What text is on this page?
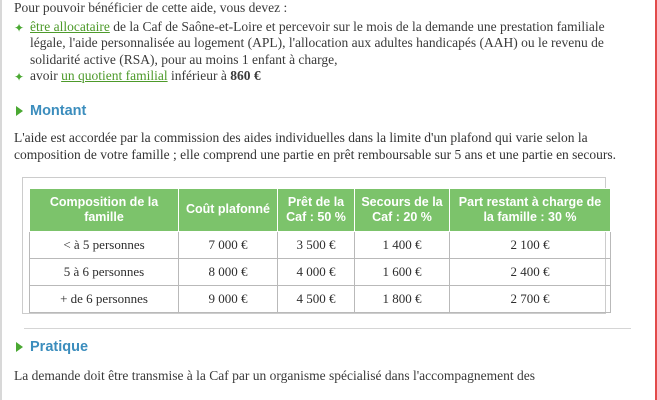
Pour pouvoir bénéficier de cette aide, vous devez :

✦ être allocataire de la Caf de Saône-et-Loire et percevoir sur le mois de la demande une prestation familiale légale, l'aide personnalisée au logement (APL), l'allocation aux adultes handicapés (AAH) ou le revenu de solidarité active (RSA), pour au moins 1 enfant à charge,
✦ avoir un quotient familial inférieur à 860 €
Montant

L'aide est accordée par la commission des aides individuelles dans la limite d'un plafond qui varie selon la composition de votre famille ; elle comprend une partie en prêt remboursable sur 5 ans et une partie en secours.

Composition de la famille	Coût plafonné	Prêt de la Caf : 50 %	Secours de la Caf : 20 %	Part restant à charge de la famille : 30 %
< à 5 personnes	7 000 €	3 500 €	1 400 €	2 100 €
5 à 6 personnes	8 000 €	4 000 €	1 600 €	2 400 €
+ de 6 personnes	9 000 €	4 500 €	1 800 €	2 700 €
Pratique

La demande doit être transmise à la Caf par un organisme spécialisé dans l'accompagnement des
